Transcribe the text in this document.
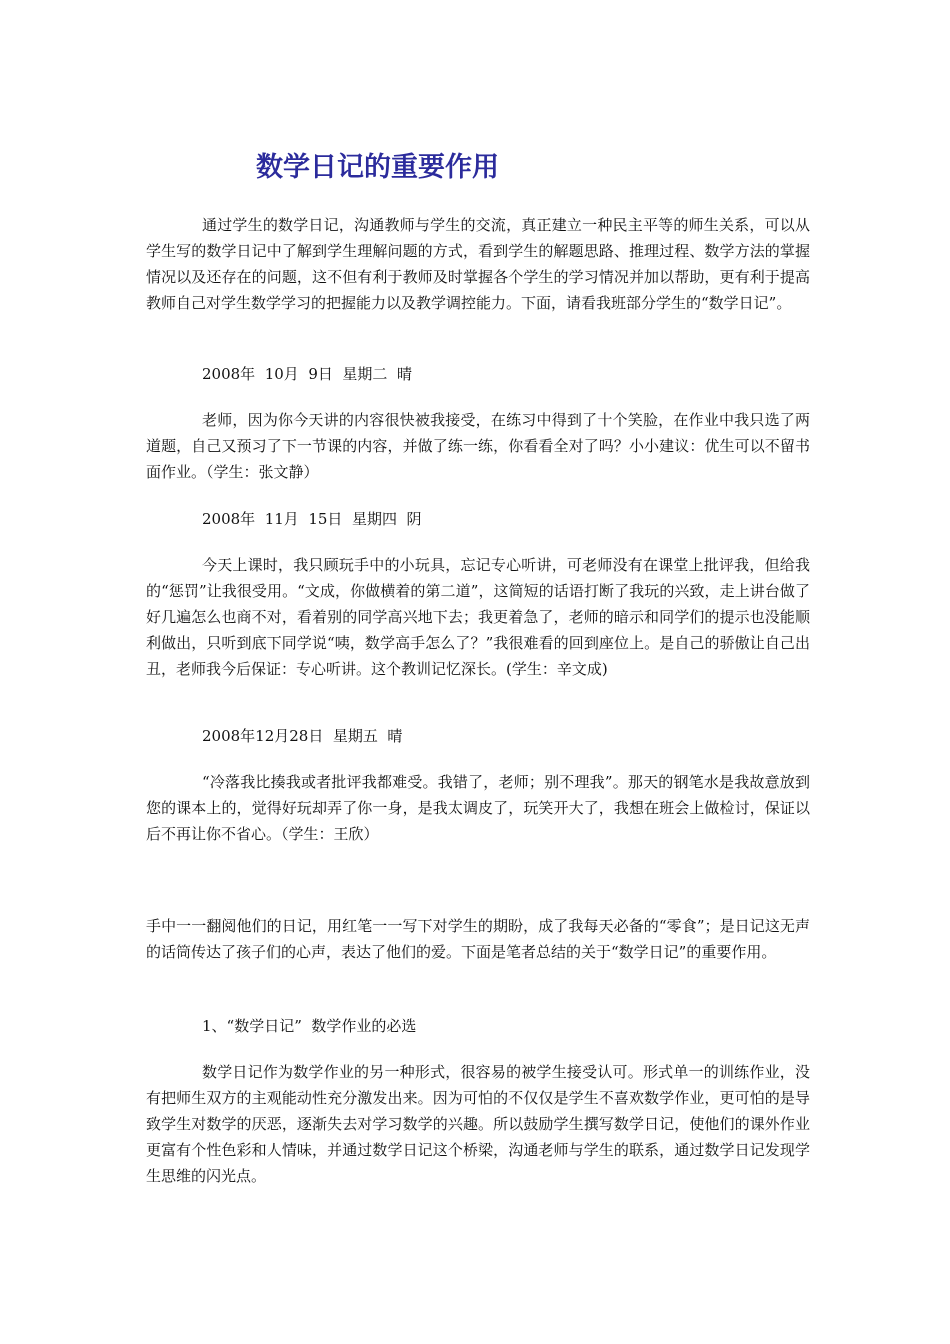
数学日记的重要作用

通过学生的数学日记，沟通教师与学生的交流，真正建立一种民主平等的师生关系，可以从学生写的数学日记中了解到学生理解问题的方式，看到学生的解题思路、推理过程、数学方法的掌握情况以及还存在的问题，这不但有利于教师及时掌握各个学生的学习情况并加以帮助，更有利于提高教师自己对学生数学学习的把握能力以及教学调控能力。下面，请看我班部分学生的“数学日记”。

2008年  10月  9日  星期二  晴

老师，因为你今天讲的内容很快被我接受，在练习中得到了十个笑脸，在作业中我只选了两道题，自己又预习了下一节课的内容，并做了练一练，你看看全对了吗？小小建议：优生可以不留书面作业。（学生：张文静）

2008年  11月  15日  星期四  阴

今天上课时，我只顾玩手中的小玩具，忘记专心听讲，可老师没有在课堂上批评我，但给我的“惩罚”让我很受用。“文成，你做横着的第二道”，这简短的话语打断了我玩的兴致，走上讲台做了好几遍怎么也商不对，看着别的同学高兴地下去；我更着急了，老师的暗示和同学们的提示也没能顺利做出，只听到底下同学说“咦，数学高手怎么了？”我很难看的回到座位上。是自己的骄傲让自己出丑，老师我今后保证：专心听讲。这个教训记忆深长。(学生：辛文成)

2008年12月28日  星期五  晴

“冷落我比揍我或者批评我都难受。我错了，老师；别不理我”。那天的钢笔水是我故意放到您的课本上的，觉得好玩却弄了你一身，是我太调皮了，玩笑开大了，我想在班会上做检讨，保证以后不再让你不省心。（学生：王欣）

手中一一翻阅他们的日记，用红笔一一写下对学生的期盼，成了我每天必备的“零食”；是日记这无声的话筒传达了孩子们的心声，表达了他们的爱。下面是笔者总结的关于“数学日记”的重要作用。

1、“数学日记”  数学作业的必选

数学日记作为数学作业的另一种形式，很容易的被学生接受认可。形式单一的训练作业，没有把师生双方的主观能动性充分激发出来。因为可怕的不仅仅是学生不喜欢数学作业，更可怕的是导致学生对数学的厌恶，逐渐失去对学习数学的兴趣。所以鼓励学生撰写数学日记，使他们的课外作业更富有个性色彩和人情味，并通过数学日记这个桥梁，沟通老师与学生的联系，通过数学日记发现学生思维的闪光点。
